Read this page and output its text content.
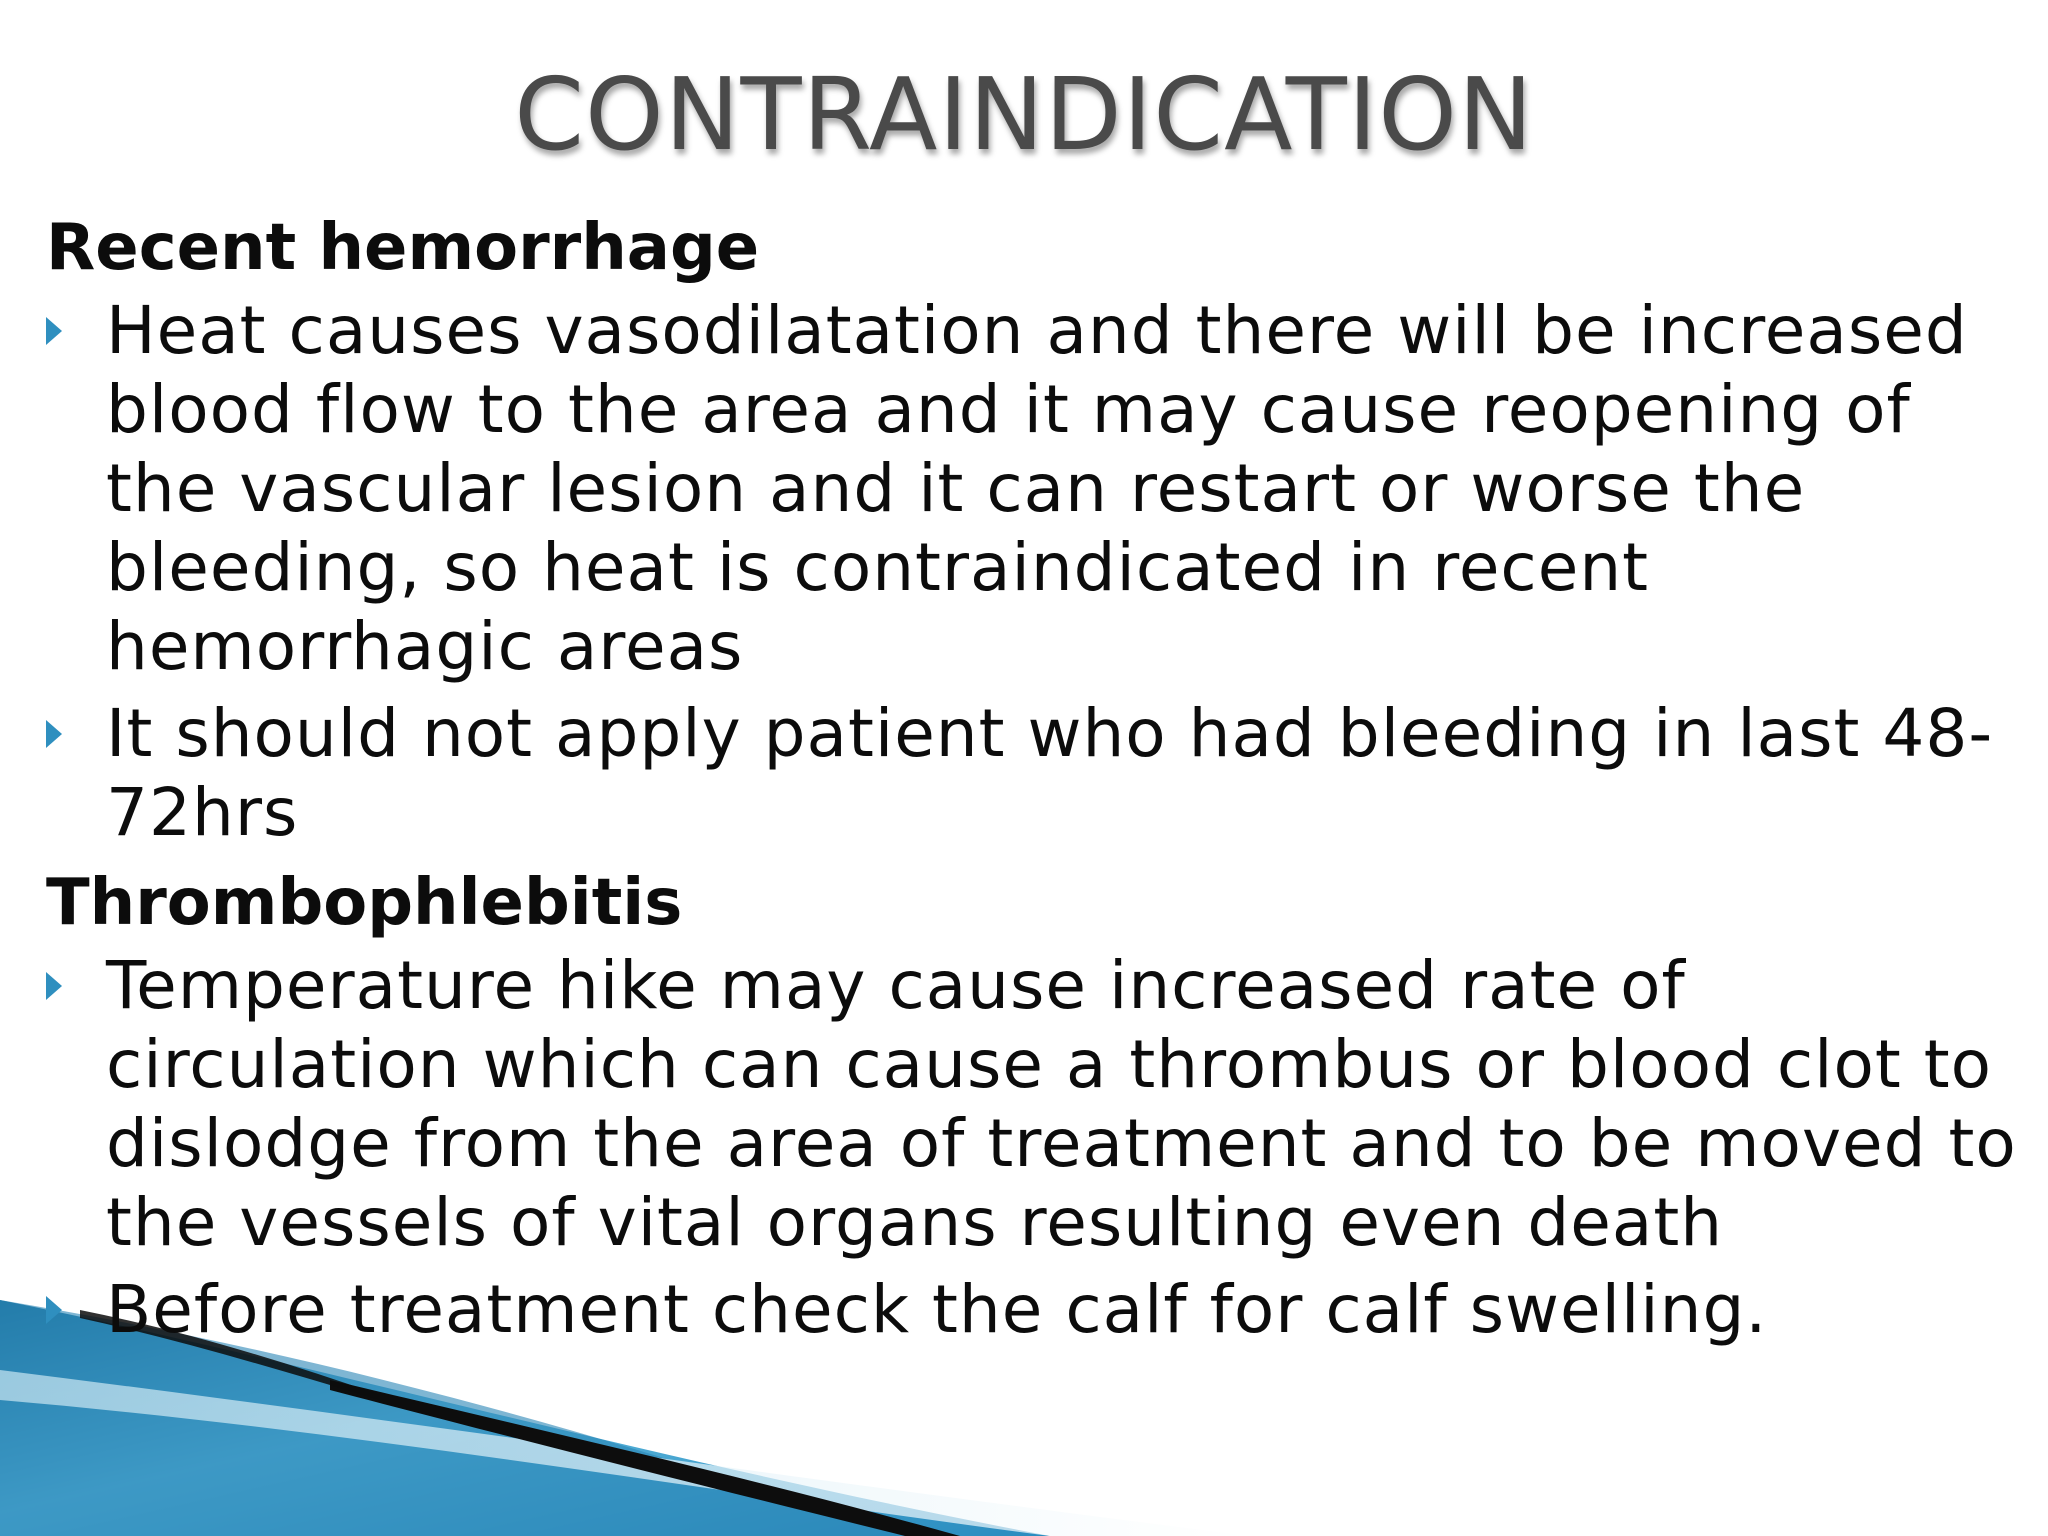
CONTRAINDICATION

Recent hemorrhage

Heat causes vasodilatation and there will be increased blood flow to the area and it may cause reopening of the vascular lesion and it can restart or worse the bleeding, so heat is contraindicated in recent hemorrhagic areas
It should not apply patient who had bleeding in last 48-72hrs

Thrombophlebitis

Temperature hike may cause increased rate of circulation which can cause a thrombus or blood clot to dislodge from the area of treatment and to be moved to the vessels of vital organs resulting even death
Before treatment check the calf for calf swelling.
